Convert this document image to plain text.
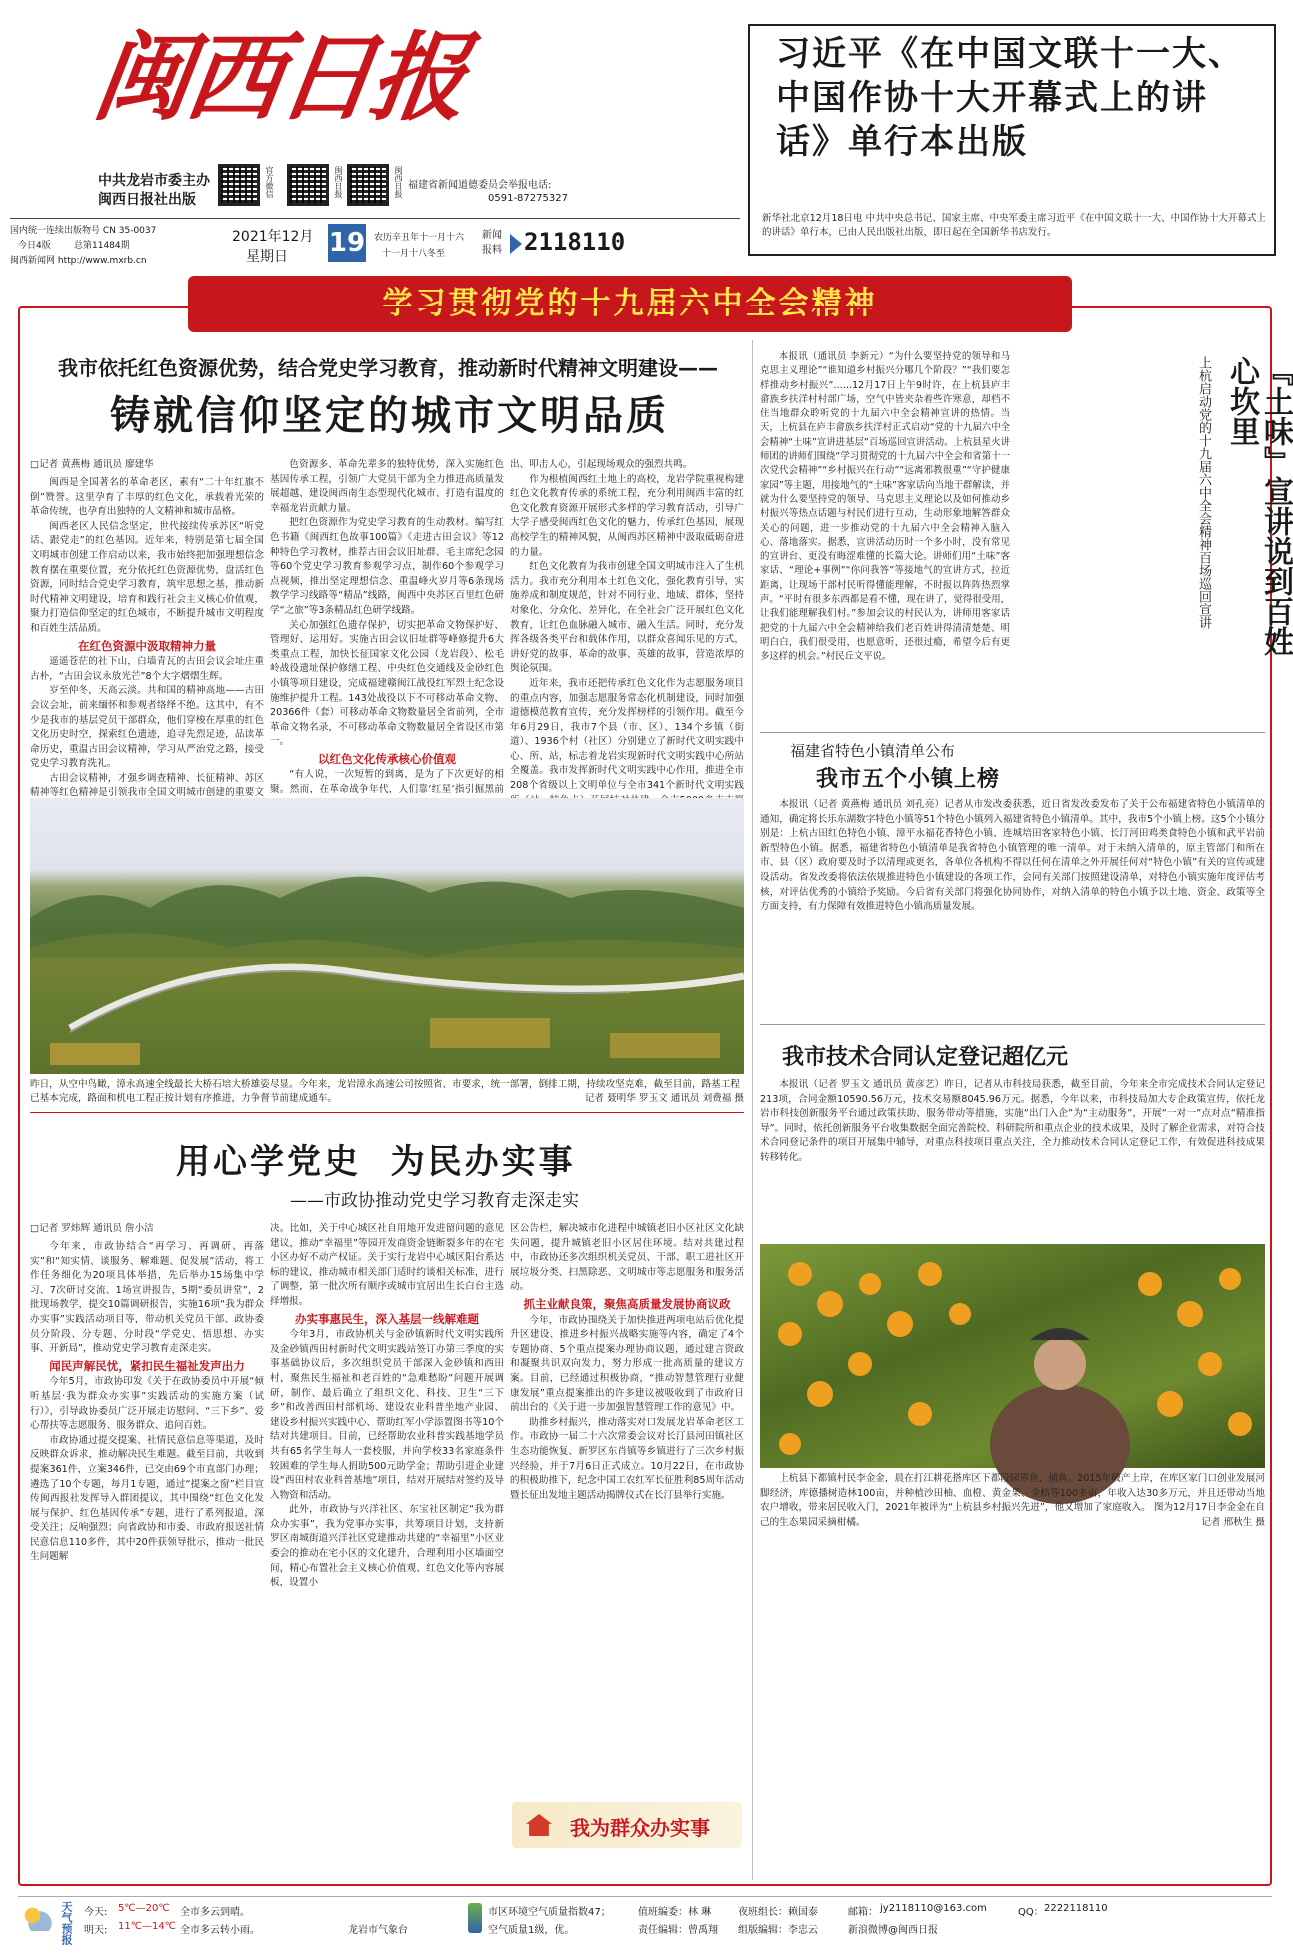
闽西日报
中共龙岩市委主办
闽西日报社出版
官方微信	闽西日报	闽西日报 福建省新闻道德委员会举报电话:
0591-87275327
国内统一连续出版物号 CN 35-0037
今日4版	总第11484期
闽西新闻网 http://www.mxrb.cn
2021年12月
星期日 19 农历辛丑年十一月十六
十一月十八冬至
新闻报料 2118110
习近平《在中国文联十一大、中国作协十大开幕式上的讲话》单行本出版
新华社北京12月18日电 中共中央总书记、国家主席、中央军委主席习近平《在中国文联十一大、中国作协十大开幕式上的讲话》单行本，已由人民出版社出版，即日起在全国新华书店发行。
学习贯彻党的十九届六中全会精神
我市依托红色资源优势，结合党史学习教育，推动新时代精神文明建设——
铸就信仰坚定的城市文明品质
□记者 黄燕梅 通讯员 廖建华

闽西是全国著名的革命老区，素有“二十年红旗不倒”赞誉。这里孕育了丰厚的红色文化，承载着光荣的革命传统，也孕育出独特的人文精神和城市品格。

闽西老区人民信念坚定，世代接续传承苏区“听党话、跟党走”的红色基因。近年来，特别是第七届全国文明城市创建工作启动以来，我市始终把加强理想信念教育摆在重要位置，充分依托红色资源优势，盘活红色资源，同时结合党史学习教育，筑牢思想之基，推动新时代精神文明建设，培育和践行社会主义核心价值观，聚力打造信仰坚定的红色城市，不断提升城市文明程度和百姓生活品质。

在红色资源中汲取精神力量

遥遥苍茫的社下山，白墙青瓦的古田会议会址庄重古朴，“古田会议永放光芒”8个大字熠熠生辉。

岁至仲冬，天高云淡。共和国的精神高地——古田会议会址，前来缅怀和参观者络绎不绝。这其中，有不少是我市的基层党员干部群众，他们穿梭在厚重的红色文化历史时空，探索红色遗迹，追寻先烈足迹，品读革命历史，重温古田会议精神，学习从严治党之路，接受党史学习教育洗礼。

古田会议精神，才强乡调查精神、长征精神、苏区精神等红色精神是引领我市全国文明城市创建的重要文

色资源多、革命先辈多的独特优势，深入实施红色基因传承工程，引领广大党员干部为全力推进高质量发展超越、建设闽西南生态型现代化城市、打造有温度的幸福龙岩贡献力量。

把红色资源作为党史学习教育的生动教材。编写红色书籍《闽西红色故事100篇》《走进古田会议》等12种特色学习教材，推荐古田会议旧址群、毛主席纪念园等60个党史学习教育参观学习点，制作60个参观学习点视频，推出坚定理想信念、重温峰火岁月等6条现场教学学习线路等“精品”线路，闽西中央苏区百里红色研学“之旅”等3条精品红色研学线路。

关心加强红色遗存保护，切实把革命文物保护好、管理好、运用好。实施古田会议旧址群等峰修提升6大类重点工程，加快长征国家文化公园（龙岩段）、松毛岭战役遗址保护修缮工程、中央红色交通线及金砂红色小镇等项目建设，完成福建赣闽江战役红军烈士纪念设施维护提升工程。143处战役以下不可移动革命文物、20366件（套）可移动革命文物数量居全省前列，全市革命文物名录，不可移动革命文物数量居全省设区市第一。

以红色文化传承核心价值观

“有人说，一次短暂的到离，是为了下次更好的相聚。然而，在革命战争年代，人们靠‘红星’指引掘黑前

出、叩击人心，引起现场观众的强烈共鸣。

作为根植闽西红土地上的高校，龙岩学院重视构建红色文化教育传承的系统工程，充分利用闽西丰富的红色文化教育资源开展形式多样的学习教育活动，引导广大学子感受闽西红色文化的魅力，传承红色基因，展现高校学生的精神风貌，从闽西苏区精神中汲取砥砺奋进的力量。

红色文化教育为我市创建全国文明城市注入了生机活力。我市充分利用本土红色文化，强化教育引导，实施养成和制度规范，针对不同行业、地域、群体，坚持对象化、分众化、差异化，在全社会广泛开展红色文化教育，让红色血脉融入城市、融入生活。同时，充分发挥各级各类平台和载体作用，以群众喜闻乐见的方式，讲好党的故事、革命的故事、英雄的故事，营造浓厚的舆论氛围。

近年来，我市还把传承红色文化作为志愿服务项目的重点内容，加强志愿服务常态化机制建设，同时加强道德模范教育宣传，充分发挥榜样的引领作用。截至今年6月29日，我市7个县（市、区）、134个乡镇（街道）、1936个村（社区）分别建立了新时代文明实践中心、所、站，标志着龙岩实现新时代文明实践中心所站全覆盖。我市发挥新时代文明实践中心作用，推进全市208个省级以上文明单位与全市341个新时代文明实践

昨日，从空中鸟瞰，漳永高速全线最长大桥石培大桥雄姿尽显。今年来，龙岩漳永高速公司按照省、市要求，统一部署，倒排工期，持续攻坚克难，截至目前，路基工程已基本完成，路面和机电工程正按计划有序推进，力争督节前建成通车。	记者 聂明华 罗玉文 通讯员 刘费福 摄
用心学党史  为民办实事
——市政协推动党史学习教育走深走实
□记者 罗炜辉 通讯员 詹小洁

今年来，市政协结合“再学习、再调研、再落实”和“知实情、谈服务、解难题、促发展”活动，将工作任务细化为20项具体举措，先后举办15场集中学习、7次研讨交流、1场宣讲报告，5期“委员讲堂”，2批现场教学，提交10篇调研报告，实施16项“我为群众办实事”实践活动项目等，带动机关党员干部、政协委员分阶段、分专题、分时段“学党史、悟思想、办实事、开新局”，推动党史学习教育走深走实。

闻民声解民忧，紧扣民生福祉发声出力

今年5月，市政协印发《关于在政协委员中开展“倾听基层·我为群众办实事”实践活动的实施方案（试行）》，引导政协委员广泛开展走访慰问、“三下乡”、爱心帮扶等志愿服务、服务群众、追问百姓。

市政协通过提交提案、社情民意信息等渠道，及时反映群众诉求，推动解决民生难题。截至目前，共收到提案361件，立案346件，已交由69个市直部门办理；遴选了10个专题，每月1专题，通过“提案之窗”栏目宣传闽西报社发挥导入群团提议，其中围绕“红色文化发展与保护、红色基因传承”专题，进行了系列报道，深受关注；反响强烈；向省政协和市委、市政府报送社情民意信息110多件，其中20件获领导批示，推动一批民生问题解

决。比如，关于中心城区社自用地开发进留问题的意见建议，推动“幸福里”等园开发商资金链断裂多年的在宅小区办好不动产权证。关于实行龙岩中心城区阳台系达标的建议，推动城市相关部门适时约谈相关标准，进行了调整，第一批次所有顺序或城市宜居出生长白台主选择增报。

办实事惠民生，深入基层一线解难题

今年3月，市政协机关与金砂镇新时代文明实践所及金砂镇西田村新时代文明实践站签订办第三季度的实事基础协议后，多次组织党员干部深入金砂镇和西田村，聚焦民生福祉和老百姓的“急难愁盼”问题开展调研，制作、最后确立了组织文化、科技、卫生“三下乡”和改善西田村部机场、建设农业科普坐地产业园、建设乡村振兴实践中心、帮助红军小学添置图书等10个结对共建项目。目前，已经帮助农业科普实践基地学员共有65名学生每人一套校服，并向学校33名家庭条件较困难的学生每人捐助500元助学金；帮助引进企业建设“西田村农业科普基地”项目，结对开展结对签约及导入物资和活动。

此外，市政协与兴洋社区、东宝社区制定“我为群众办实事”，我为党事办实事，共筹项目计划，支持新罗区南城街道兴洋社区党建推动共建的“幸福里”小区业委会的推动在宅小区的文化建升，合理利用小区墙面空间，精心布置社会主义核心价值观、红色文化等内容展板，设置小

区公告栏，解决城市化进程中城镇老旧小区社区文化缺失问题，提升城镇老旧小区居住环境。结对共建过程中，市政协还多次组织机关党员、干部、职工进社区开展垃圾分类、扫黑除恶、文明城市等志愿服务和服务活动。

抓主业献良策，聚焦高质量发展协商议政

今年，市政协围绕关于加快推进两项电站后优化提升区建设、推进乡村振兴战略实施等内容，确定了4个专题协商、5个重点提案办理协商议题，通过建言资政和凝聚共识双向发力，努力形成一批高质量的建议方案。目前，已经通过积极协商，“推动智慧管理行业健康发展”重点提案推出的许多建议被吸收到了市政府日前出台的《关于进一步加强智慧管理工作的意见》中。

助推乡村振兴，推动落实对口发展龙岩革命老区工作。市政协一届二十六次常委会议对长汀县河田镇社区生态功能恢复、新罗区东肖镇等乡镇进行了三次乡村振兴经验，并于7月6日正式成立。10月22日，在市政协的积极助推下，纪念中国工农红军长征胜利85周年活动暨长征出发地主题活动揭牌仪式在长汀县举行实施。

我为群众办实事
『土味』宣讲说到百姓心坎里
上杭启动党的十九届六中全会精神百场巡回宣讲
本报讯（通讯员 李新元）“为什么要坚持党的领导和马克思主义理论”“谁知道乡村振兴分哪几个阶段？”“我们要怎样推动乡村振兴”……12月17日上午9时许，在上杭县庐丰畲族乡扶洋村村部广场，空气中皆夹杂着些许寒意，却档不住当地群众聆听党的十九届六中全会精神宣讲的热情。当天，上杭县在庐丰畲族乡扶洋村正式启动“党的十九届六中全会精神“土味”宣讲进基层”百场巡回宣讲活动。上杭县星火讲师团的讲师们围绕“学习贯彻党的十九届六中全会和省第十一次党代会精神”“乡村振兴在行动”“远离邪教很重”“守护健康家园”等主题，用接地气的“土味”客家话向当地干群解读，并就为什么要坚持党的领导、马克思主义理论以及如何推动乡村振兴等热点话题与村民们进行互动，生动形象地解答群众关心的问题，进一步推动党的十九届六中全会精神入脑入心、落地落实。据悉，宣讲活动历时一个多小时，没有常见的宣讲台、更没有晦涩难懂的长篇大论。讲师们用“土味”客家话、“理论+事例”“你问我答”等接地气的宣讲方式，拉近距离，让现场干部村民听得懂能理解，不时报以阵阵热烈掌声。“平时有很多东西都是看不懂，现在讲了，觉得很受用，让我们能理解我们村。”参加会议的村民认为，讲师用客家话把党的十九届六中全会精神给我们老百姓讲得清清楚楚、明明白白，我们很受用，也愿意听，还很过瘾，希望今后有更多这样的机会。”村民丘文平说。
福建省特色小镇清单公布
我市五个小镇上榜
本报讯（记者 黄燕梅 通讯员 刘孔亮）记者从市发改委获悉，近日省发改委发布了关于公布福建省特色小镇清单的通知，确定将长乐东湖数字特色小镇等51个特色小镇列入福建省特色小镇清单。其中，我市5个小镇上榜。这5个小镇分别是：上杭古田红色特色小镇、漳平永福花香特色小镇、连城培田客家特色小镇、长汀河田鸡类食特色小镇和武平岩前新型特色小镇。据悉，福建省特色小镇清单是我省特色小镇管理的唯一清单。对于未纳入清单的，原主管部门和所在市、县（区）政府要及时予以清理或更名，各单位各机构不得以任何在清单之外开展任何对“特色小镇”有关的宣传或建设活动。省发改委将依法依规推进特色小镇建设的各项工作，会同有关部门按照建设清单，对特色小镇实施年度评估考核，对评估优秀的小镇给予奖励。今后省有关部门将强化协同协作，对纳入清单的特色小镇予以土地、资金、政策等全方面支持，有力保障有效推进特色小镇高质量发展。
我市技术合同认定登记超亿元
本报讯（记者 罗玉文 通讯员 黄彦艺）昨日，记者从市科技局获悉，截至目前，今年来全市完成技术合同认定登记213项，合同金额10590.56万元，技术交易额8045.96万元。据悉，今年以来，市科技局加大专企政策宣传，依托龙岩市科技创新服务平台通过政策扶助、服务带动等措施，实施“出门入企”为“主动服务”，开展“一对一”点对点“精准指导”。同时，依托创新服务平台收集数据全面完善院校、科研院所和重点企业的技术成果，及时了解企业需求，对符合技术合同登记条件的项目开展集中辅导，对重点科技项目重点关注，全力推动技术合同认定登记工作，有效促进科技成果转移转化。
上杭县下都镇村民李金金，晨在打江耕花搭库区下都段园界鱼，捕鱼。2015年破产上岸，在库区家门口创业发展河脚经济，库德播树造林100亩，并种植沙田柚、血橙、黄金果、金桔等100多亩，年收入达30多万元，并且还带动当地农户增收，带来居民收入门，2021年被评为“上杭县乡村振兴先进”，他又增加了家庭收入。 图为12月17日李金金在自己的生态果园采摘柑橘。	记者 邢秋生 摄
天气预报 今天: 5℃—20℃ 全市多云到晴。
明天: 11℃—14℃ 全市多云转小雨。	龙岩市气象台
市区环境空气质量指数47；
空气质量1级，优。
值班编委：林 琳
责任编辑：曾禹翔
夜班组长：赖国泰
组版编辑：李忠云
邮箱： jy2118110@163.com	QQ： 2222118110
新浪微博@闽西日报
